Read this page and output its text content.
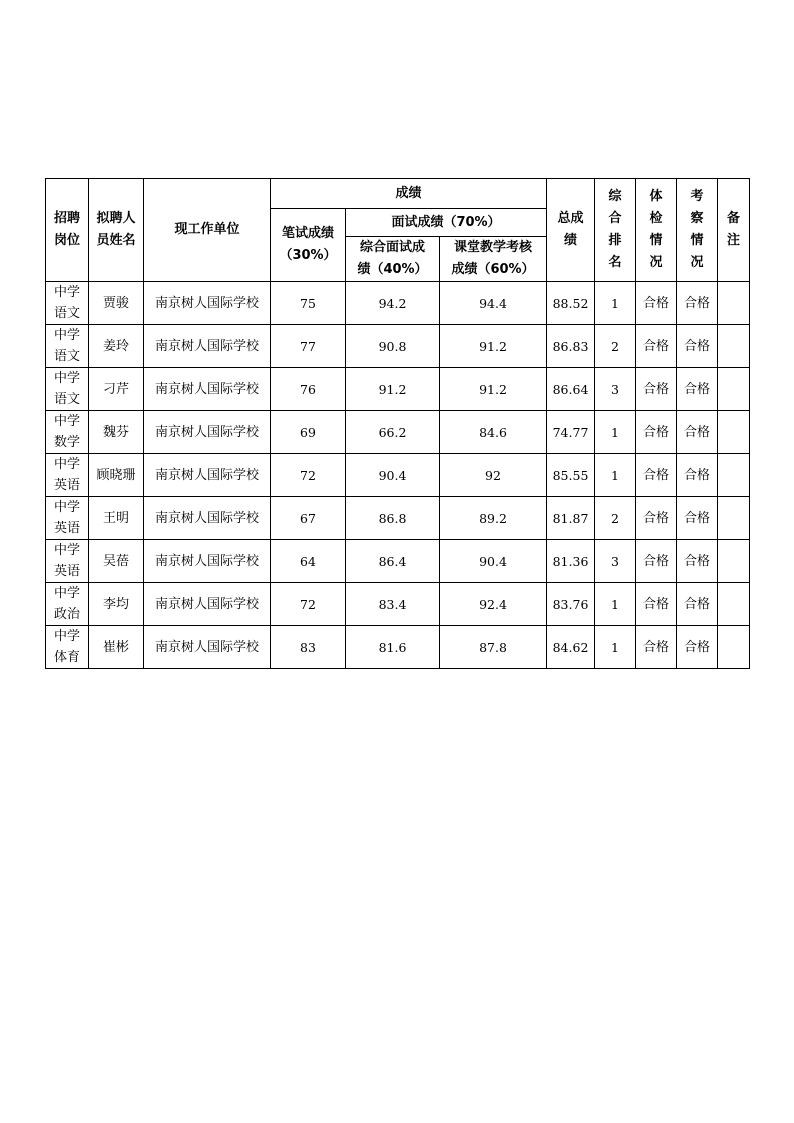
招聘岗位	拟聘人员姓名	现工作单位	成绩			总成绩	综合排名	体检情况	考察情况	备注

			笔试成绩（30%）	面试成绩（70%）						

				综合面试成绩（40%）	课堂教学考核成绩（60%）					

中学语文	贾骏	南京树人国际学校	75	94.2	94.4	88.52	1	合格	合格	

中学语文	姜玲	南京树人国际学校	77	90.8	91.2	86.83	2	合格	合格	

中学语文	刁芹	南京树人国际学校	76	91.2	91.2	86.64	3	合格	合格	

中学数学	魏芬	南京树人国际学校	69	66.2	84.6	74.77	1	合格	合格	

中学英语	顾晓珊	南京树人国际学校	72	90.4	92	85.55	1	合格	合格	

中学英语	王明	南京树人国际学校	67	86.8	89.2	81.87	2	合格	合格	

中学英语	吴蓓	南京树人国际学校	64	86.4	90.4	81.36	3	合格	合格	

中学政治	李均	南京树人国际学校	72	83.4	92.4	83.76	1	合格	合格	

中学体育	崔彬	南京树人国际学校	83	81.6	87.8	84.62	1	合格	合格	
